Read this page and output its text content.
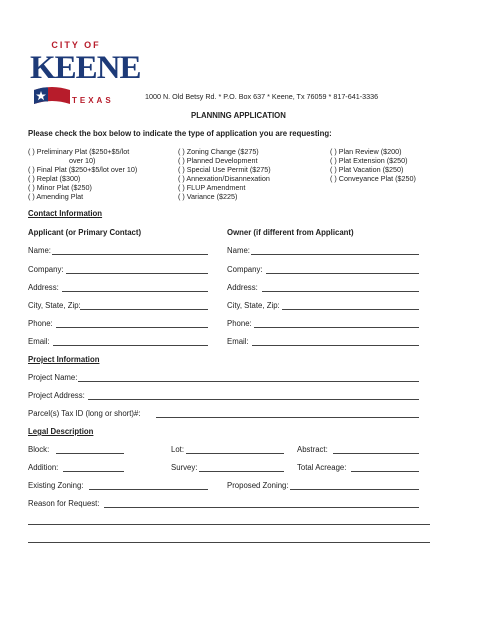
CITY OF
KEENE
TEXAS	1000 N. Old Betsy Rd. * P.O. Box 637 * Keene, Tx 76059 * 817-641-3336
PLANNING APPLICATION
Please check the box below to indicate the type of application you are requesting:
( ) Preliminary Plat ($250+$5/lot
over 10)
( ) Final Plat ($250+$5/lot over 10)
( ) Replat ($300)
( ) Minor Plat ($250)
( ) Amending Plat
( ) Zoning Change ($275)
( ) Planned Development
( ) Special Use Permit ($275)
( ) Annexation/Disannexation
( ) FLUP Amendment
( ) Variance ($225)
( ) Plan Review ($200)
( ) Plat Extension ($250)
( ) Plat Vacation ($250)
( ) Conveyance Plat ($250)
Contact Information
Applicant (or Primary Contact)	Owner (if different from Applicant)
Name:
Company:
Address:
City, State, Zip:
Phone:
Email:
Name:
Company:
Address:
City, State, Zip:
Phone:
Email:
Project Information
Project Name:
Project Address:
Parcel(s) Tax ID (long or short)#:
Legal Description
Block:	Lot:	Abstract:
Addition:	Survey:	Total Acreage:
Existing Zoning:	Proposed Zoning:
Reason for Request:
